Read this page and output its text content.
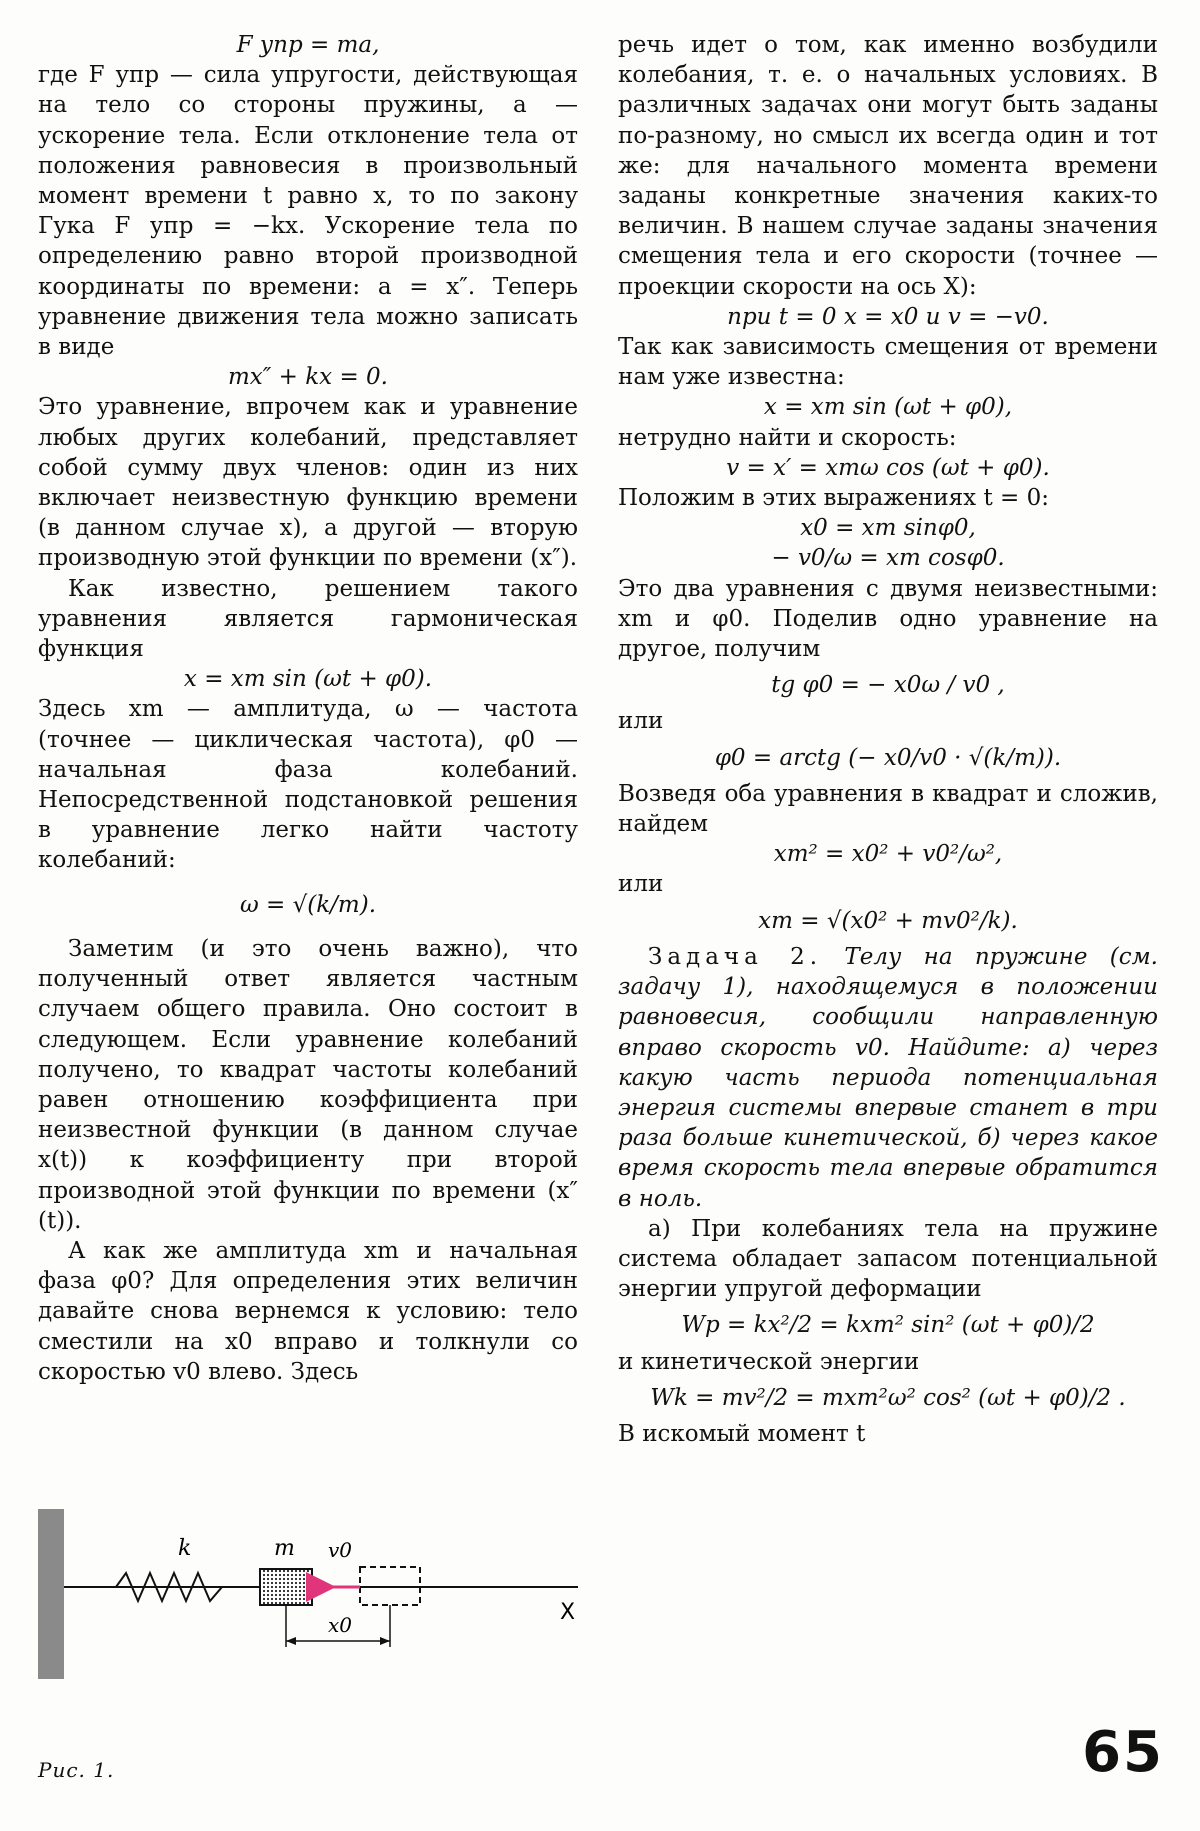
F упр = ma,

где F упр — сила упругости, действующая на тело со стороны пружины, a — ускорение тела. Если отклонение тела от положения равновесия в произвольный момент времени t равно x, то по закону Гука F упр = −kx. Ускорение тела по определению равно второй производной координаты по времени: a = x″. Теперь уравнение движения тела можно записать в виде

mx″ + kx = 0.

Это уравнение, впрочем как и уравнение любых других колебаний, представляет собой сумму двух членов: один из них включает неизвестную функцию времени (в данном случае x), а другой — вторую производную этой функции по времени (x″).

Как известно, решением такого уравнения является гармоническая функция

x = xm sin (ωt + φ0).

Здесь xm — амплитуда, ω — частота (точнее — циклическая частота), φ0 — начальная фаза колебаний. Непосредственной подстановкой решения в уравнение легко найти частоту колебаний:

ω = √(k/m).

Заметим (и это очень важно), что полученный ответ является частным случаем общего правила. Оно состоит в следующем. Если уравнение колебаний получено, то квадрат частоты колебаний равен отношению коэффициента при неизвестной функции (в данном случае x(t)) к коэффициенту при второй производной этой функции по времени (x″(t)).

А как же амплитуда xm и начальная фаза φ0? Для определения этих величин давайте снова вернемся к условию: тело сместили на x0 вправо и толкнули со скоростью v0 влево. Здесь

речь идет о том, как именно возбудили колебания, т. е. о начальных условиях. В различных задачах они могут быть заданы по-разному, но смысл их всегда один и тот же: для начального момента времени заданы конкретные значения каких-то величин. В нашем случае заданы значения смещения тела и его скорости (точнее — проекции скорости на ось X):

при t = 0 x = x0 и v = −v0.

Так как зависимость смещения от времени нам уже известна:

x = xm sin (ωt + φ0),

нетрудно найти и скорость:

v = x′ = xmω cos (ωt + φ0).

Положим в этих выражениях t = 0:

x0 = xm sinφ0,

− v0/ω = xm cosφ0.

Это два уравнения с двумя неизвестными: xm и φ0. Поделив одно уравнение на другое, получим

tg φ0 = − x0ω / v0 ,

или

φ0 = arctg (− x0/v0 · √(k/m)).

Возведя оба уравнения в квадрат и сложив, найдем

xm² = x0² + v0²/ω²,

или

xm = √(x0² + mv0²/k).

Задача 2. Телу на пружине (см. задачу 1), находящемуся в положении равновесия, сообщили направленную вправо скорость v0. Найдите: а) через какую часть периода потенциальная энергия системы впервые станет в три раза больше кинетической, б) через какое время скорость тела впервые обратится в ноль.

а) При колебаниях тела на пружине система обладает запасом потенциальной энергии упругой деформации

Wp = kx²/2 = kxm² sin² (ωt + φ0)/2

и кинетической энергии

Wk = mv²/2 = mxm²ω² cos² (ωt + φ0)/2 .

В искомый момент t

k	m v0
x0	X
Рис. 1.	65
